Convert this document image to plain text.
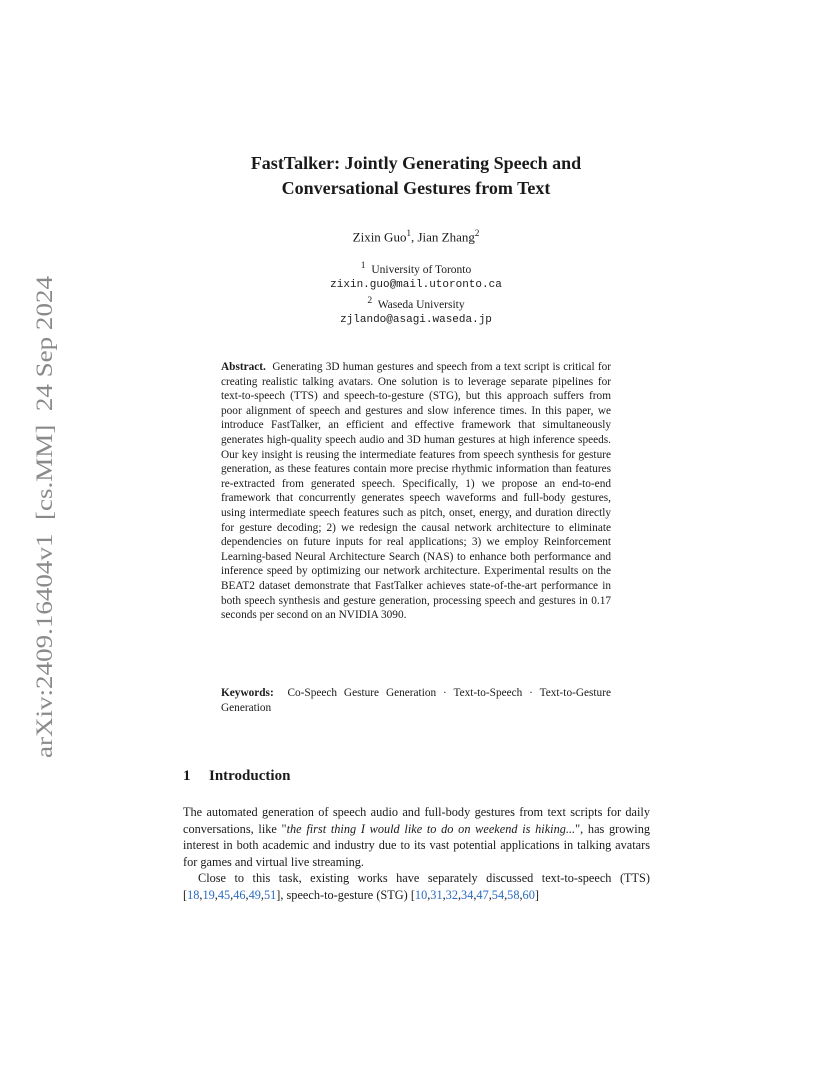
arXiv:2409.16404v1  [cs.MM]  24 Sep 2024
FastTalker: Jointly Generating Speech and
Conversational Gestures from Text
Zixin Guo$^1$, Jian Zhang$^2$
$^1$ University of Toronto
zixin.guo@mail.utoronto.ca
$^2$ Waseda University
zjlando@asagi.waseda.jp
Abstract. Generating 3D human gestures and speech from a text script is critical for creating realistic talking avatars. One solution is to leverage separate pipelines for text-to-speech (TTS) and speech-to-gesture (STG), but this approach suffers from poor alignment of speech and gestures and slow inference times. In this paper, we introduce FastTalker, an efficient and effective framework that simultaneously generates high-quality speech audio and 3D human gestures at high inference speeds. Our key insight is reusing the intermediate features from speech synthesis for gesture generation, as these features contain more precise rhythmic information than features re-extracted from generated speech. Specifically, 1) we propose an end-to-end framework that concurrently generates speech waveforms and full-body gestures, using intermediate speech features such as pitch, onset, energy, and duration directly for gesture decoding; 2) we redesign the causal network architecture to eliminate dependencies on future inputs for real applications; 3) we employ Reinforcement Learning-based Neural Architecture Search (NAS) to enhance both performance and inference speed by optimizing our network architecture. Experimental results on the BEAT2 dataset demonstrate that FastTalker achieves state-of-the-art performance in both speech synthesis and gesture generation, processing speech and gestures in 0.17 seconds per second on an NVIDIA 3090.
Keywords: Co-Speech Gesture Generation · Text-to-Speech · Text-to-Gesture Generation
1 Introduction

The automated generation of speech audio and full-body gestures from text scripts for daily conversations, like "the first thing I would like to do on weekend is hiking...", has growing interest in both academic and industry due to its vast potential applications in talking avatars for games and virtual live streaming.

Close to this task, existing works have separately discussed text-to-speech (TTS) [18,19,45,46,49,51], speech-to-gesture (STG) [10,31,32,34,47,54,58,60]
